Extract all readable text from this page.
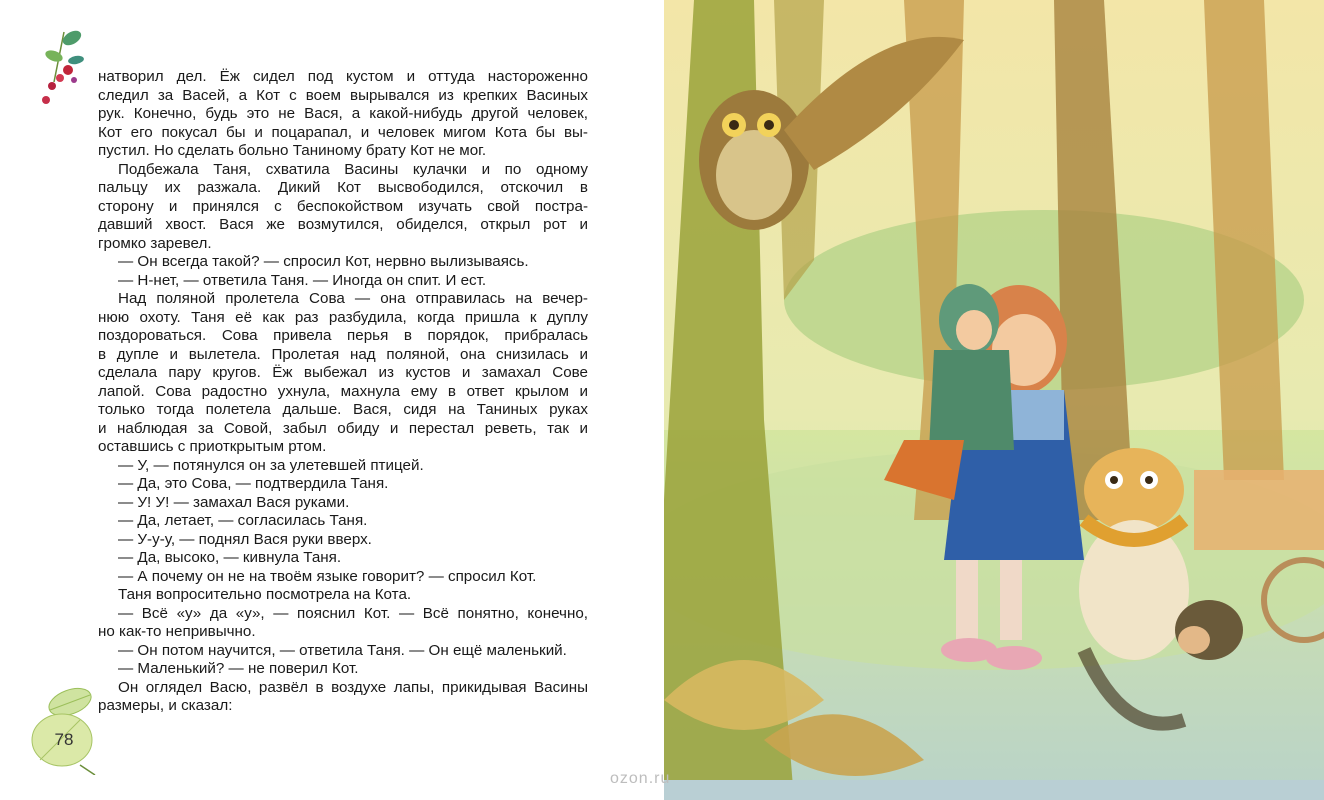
натворил дел. Ёж сидел под кустом и оттуда настороженно
следил за Васей, а Кот с воем вырывался из крепких Васиных
рук. Конечно, будь это не Вася, а какой-нибудь другой человек,
Кот его покусал бы и поцарапал, и человек мигом Кота бы вы-
пустил. Но сделать больно Таниному брату Кот не мог.
Подбежала Таня, схватила Васины кулачки и по одному
пальцу их разжала. Дикий Кот высвободился, отскочил в
сторону и принялся с беспокойством изучать свой постра-
давший хвост. Вася же возмутился, обиделся, открыл рот и
громко заревел.
— Он всегда такой? — спросил Кот, нервно вылизываясь.
— Н-нет, — ответила Таня. — Иногда он спит. И ест.
Над поляной пролетела Сова — она отправилась на вечер-
нюю охоту. Таня её как раз разбудила, когда пришла к дуплу
поздороваться. Сова привела перья в порядок, прибралась
в дупле и вылетела. Пролетая над поляной, она снизилась и
сделала пару кругов. Ёж выбежал из кустов и замахал Сове
лапой. Сова радостно ухнула, махнула ему в ответ крылом и
только тогда полетела дальше. Вася, сидя на Таниных руках
и наблюдая за Совой, забыл обиду и перестал реветь, так и
оставшись с приоткрытым ртом.
— У, — потянулся он за улетевшей птицей.
— Да, это Сова, — подтвердила Таня.
— У! У! — замахал Вася руками.
— Да, летает, — согласилась Таня.
— У-у-у, — поднял Вася руки вверх.
— Да, высоко, — кивнула Таня.
— А почему он не на твоём языке говорит? — спросил Кот.
Таня вопросительно посмотрела на Кота.
— Всё «у» да «у», — пояснил Кот. — Всё понятно, конечно,
но как-то непривычно.
— Он потом научится, — ответила Таня. — Он ещё маленький.
— Маленький? — не поверил Кот.
Он оглядел Васю, развёл в воздухе лапы, прикидывая Васины
размеры, и сказал:
78
ozon.ru
